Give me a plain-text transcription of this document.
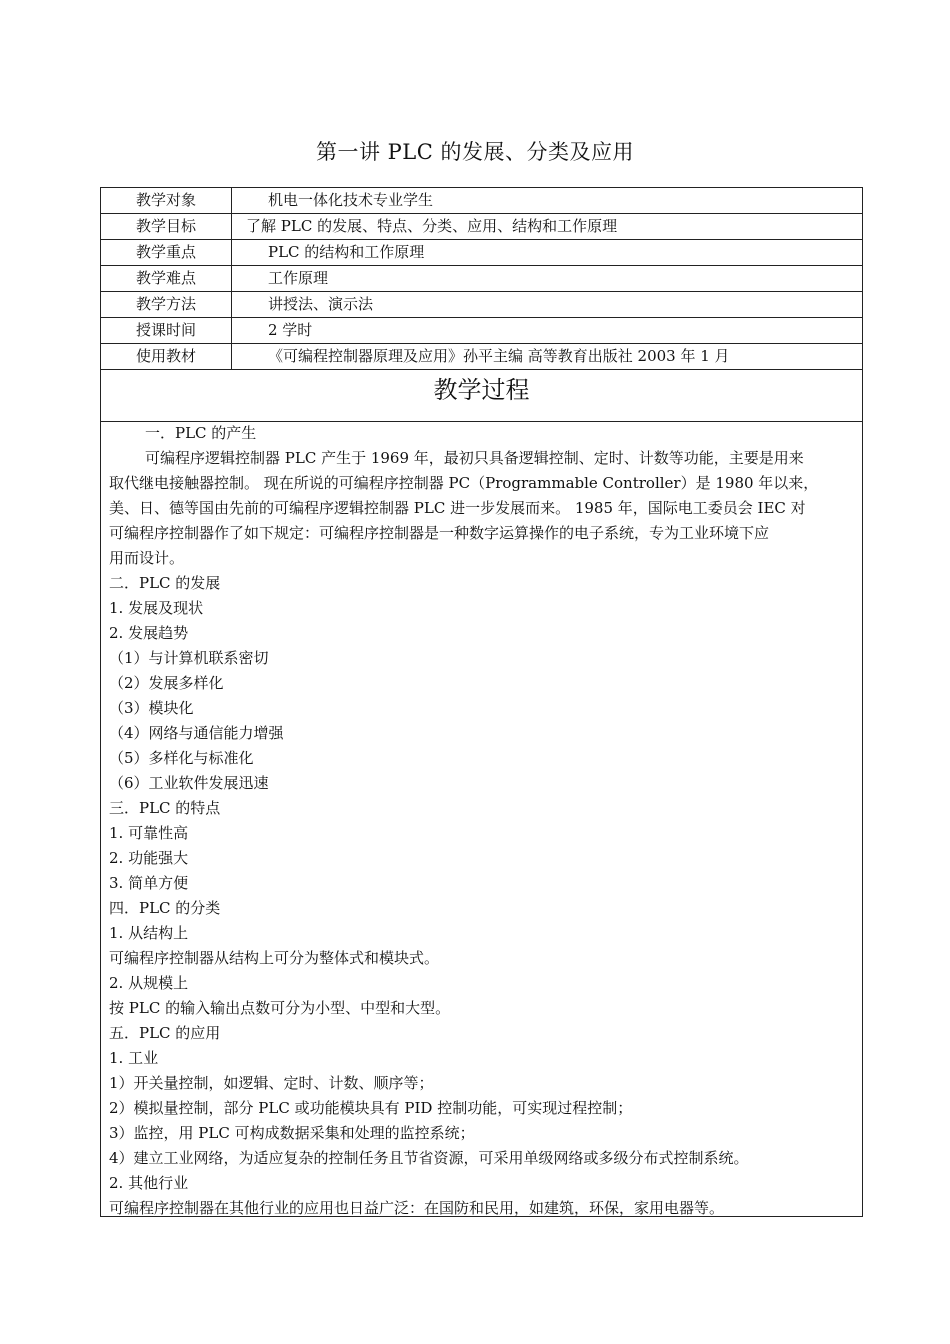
第一讲 PLC 的发展、分类及应用
教学对象	机电一体化技术专业学生
教学目标	了解 PLC 的发展、特点、分类、应用、结构和工作原理
教学重点	PLC 的结构和工作原理
教学难点	工作原理
教学方法	讲授法、演示法
授课时间	2 学时
使用教材	《可编程控制器原理及应用》孙平主编 高等教育出版社 2003 年 1 月
教学过程	

一．PLC 的产生

可编程序逻辑控制器 PLC 产生于 1969 年，最初只具备逻辑控制、定时、计数等功能，主要是用来

取代继电接触器控制。 现在所说的可编程序控制器 PC（Programmable Controller）是 1980 年以来，

美、日、德等国由先前的可编程序逻辑控制器 PLC 进一步发展而来。 1985 年，国际电工委员会 IEC 对

可编程序控制器作了如下规定：可编程序控制器是一种数字运算操作的电子系统，专为工业环境下应

用而设计。

二．PLC 的发展

1. 发展及现状

2. 发展趋势

（1）与计算机联系密切

（2）发展多样化

（3）模块化

（4）网络与通信能力增强

（5）多样化与标准化

（6）工业软件发展迅速

三．PLC 的特点

1. 可靠性高

2. 功能强大

3. 简单方便

四．PLC 的分类

1. 从结构上

可编程序控制器从结构上可分为整体式和模块式。

2. 从规模上

按 PLC 的输入输出点数可分为小型、中型和大型。

五．PLC 的应用

1. 工业

1）开关量控制，如逻辑、定时、计数、顺序等；

2）模拟量控制，部分 PLC 或功能模块具有 PID 控制功能，可实现过程控制；

3）监控，用 PLC 可构成数据采集和处理的监控系统；

4）建立工业网络，为适应复杂的控制任务且节省资源，可采用单级网络或多级分布式控制系统。

2. 其他行业

可编程序控制器在其他行业的应用也日益广泛：在国防和民用，如建筑，环保，家用电器等。
